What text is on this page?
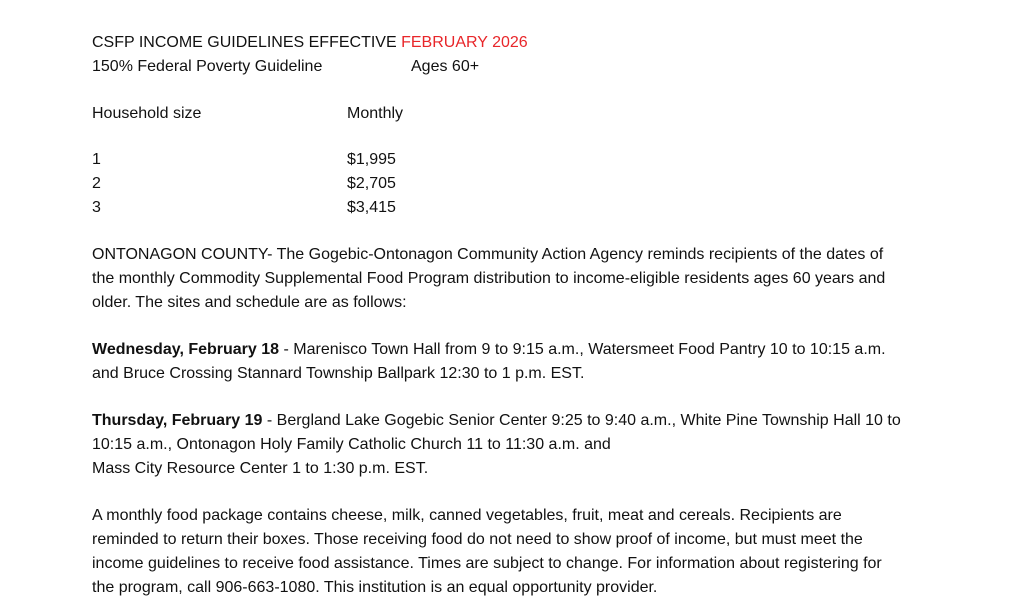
CSFP INCOME GUIDELINES EFFECTIVE FEBRUARY 2026
150% Federal Poverty Guideline	Ages 60+
Household size	Monthly
1	$1,995
2	$2,705
3	$3,415
ONTONAGON COUNTY- The Gogebic-Ontonagon Community Action Agency reminds recipients of the dates of
the monthly Commodity Supplemental Food Program distribution to income-eligible residents ages 60 years and
older. The sites and schedule are as follows:
Wednesday, February 18 - Marenisco Town Hall from 9 to 9:15 a.m., Watersmeet Food Pantry 10 to 10:15 a.m.
and Bruce Crossing Stannard Township Ballpark 12:30 to 1 p.m. EST.
Thursday, February 19 - Bergland Lake Gogebic Senior Center 9:25 to 9:40 a.m., White Pine Township Hall 10 to
10:15 a.m., Ontonagon Holy Family Catholic Church 11 to 11:30 a.m. and
Mass City Resource Center 1 to 1:30 p.m. EST.
A monthly food package contains cheese, milk, canned vegetables, fruit, meat and cereals. Recipients are
reminded to return their boxes. Those receiving food do not need to show proof of income, but must meet the
income guidelines to receive food assistance. Times are subject to change. For information about registering for
the program, call 906-663-1080. This institution is an equal opportunity provider.
